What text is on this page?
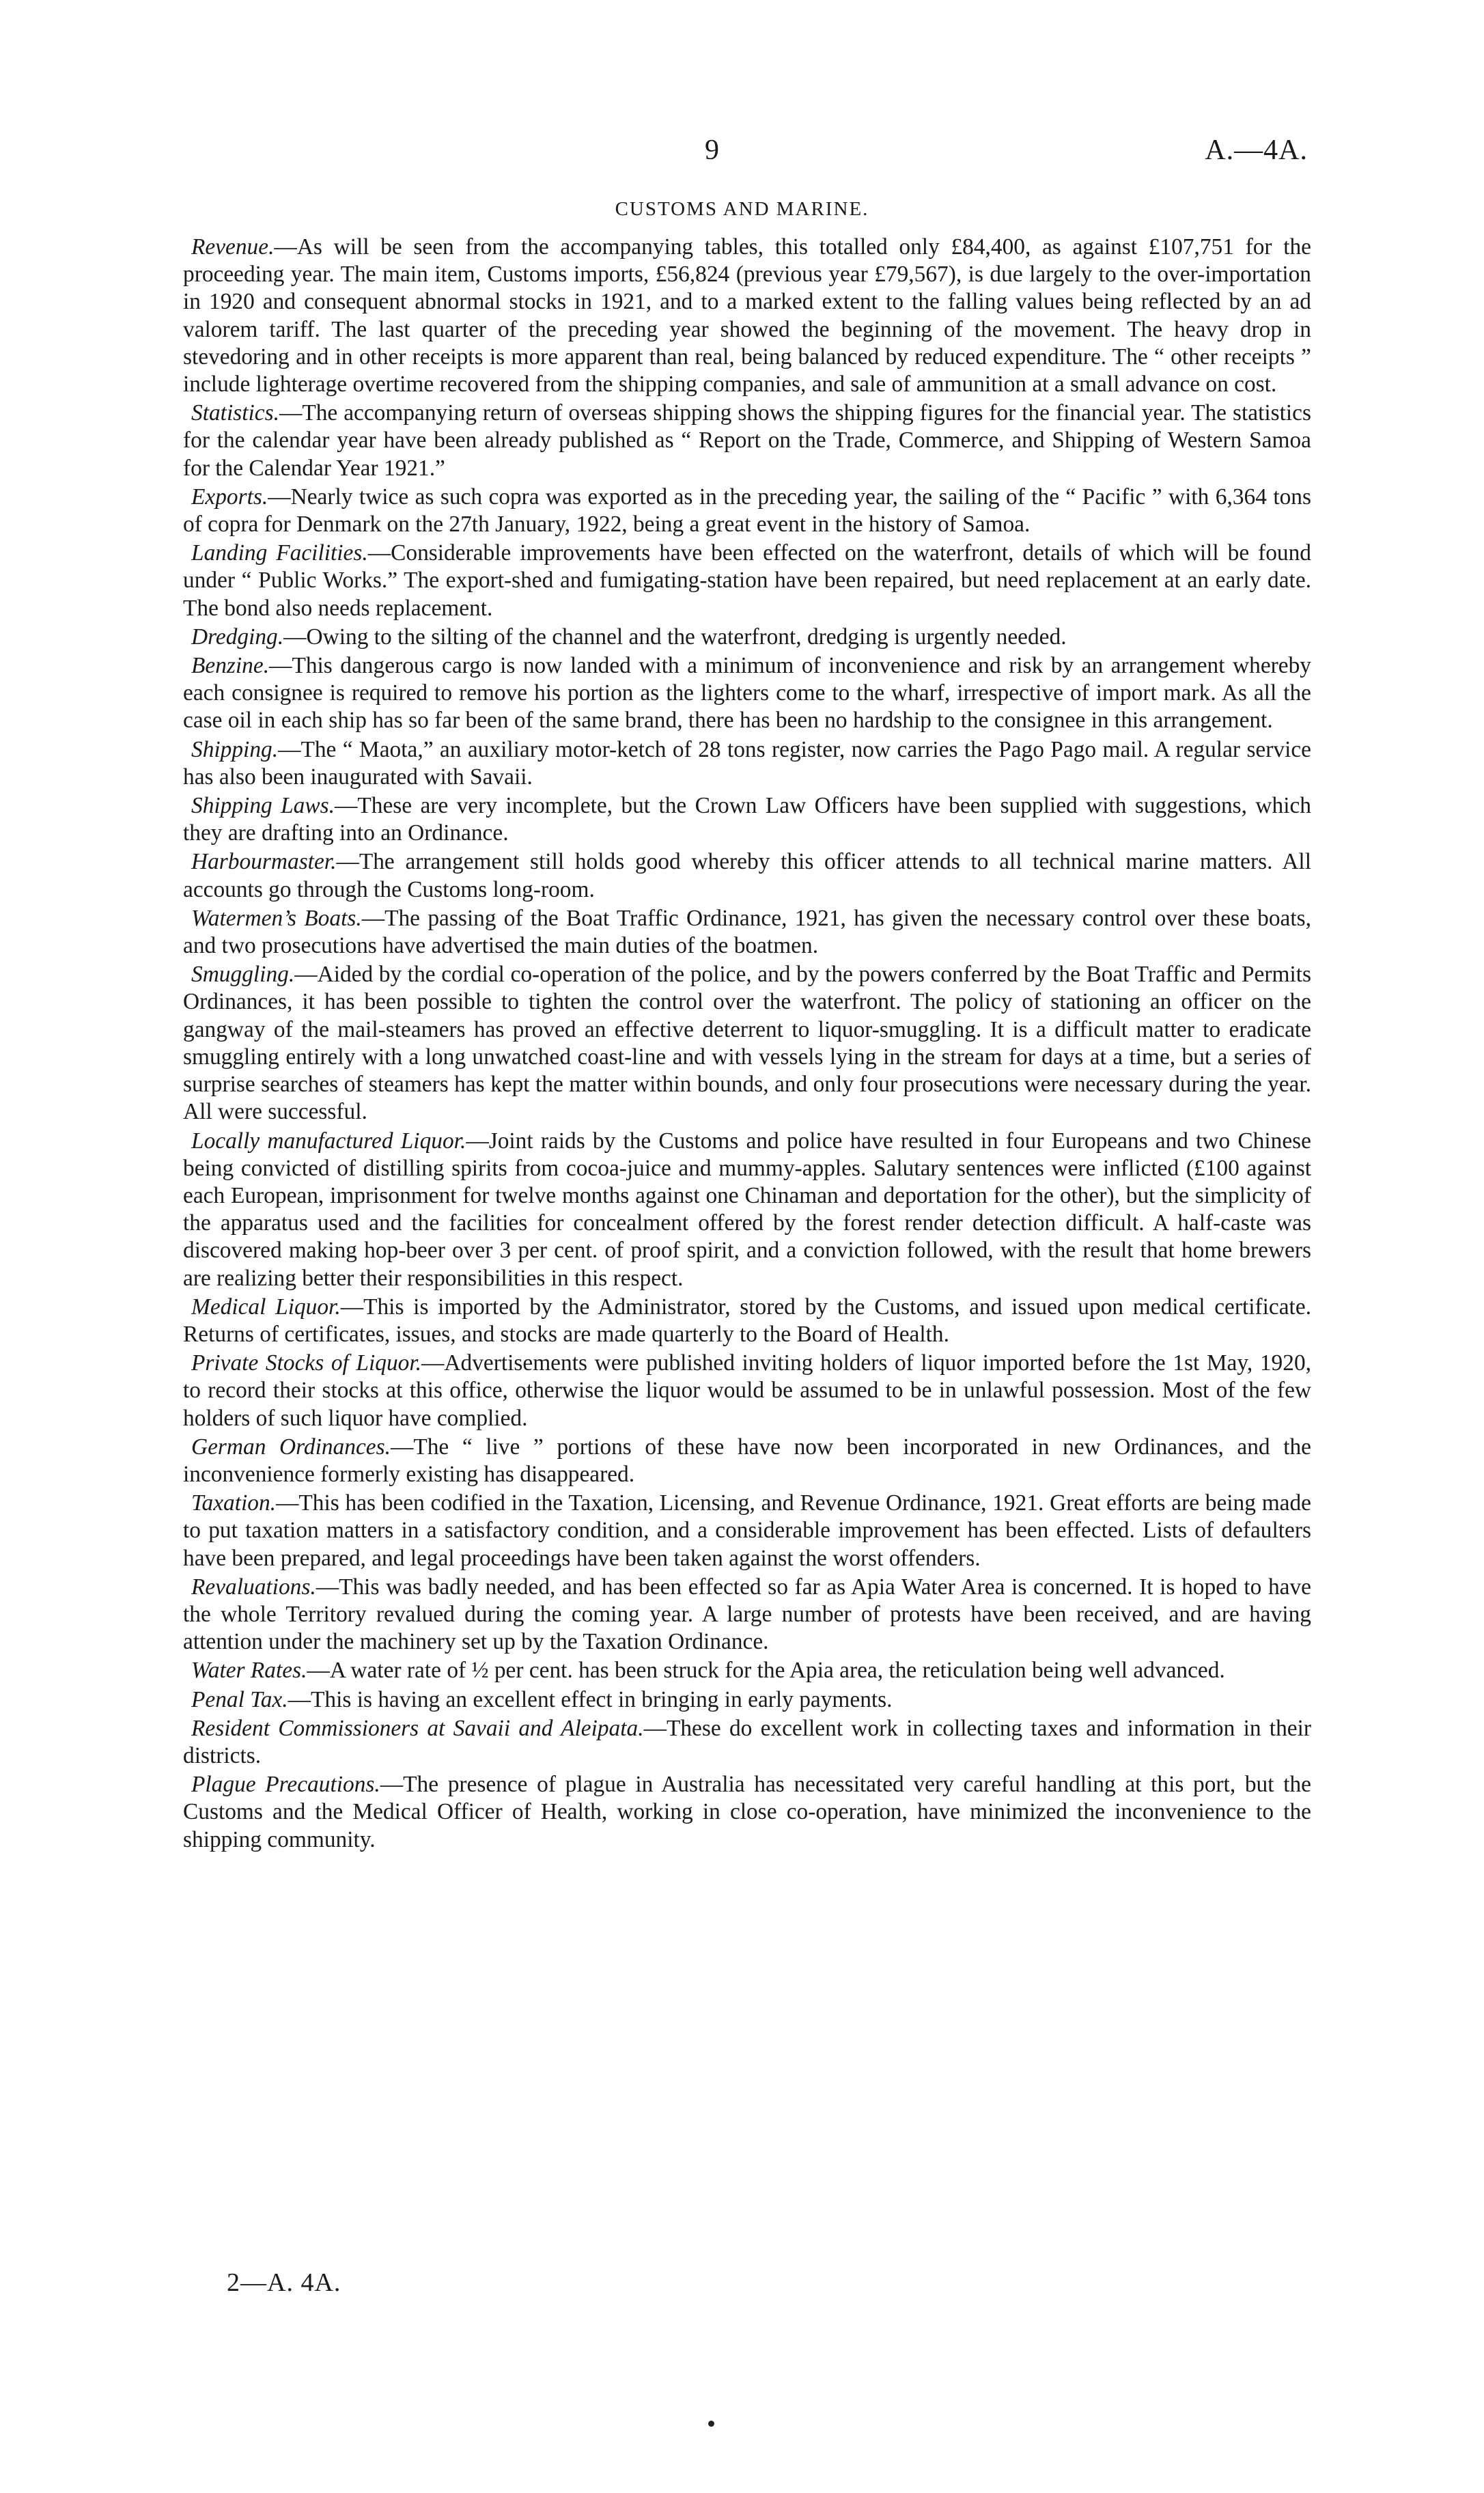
9	A.—4A.
CUSTOMS AND MARINE.

Revenue.—As will be seen from the accompanying tables, this totalled only £84,400, as against £107,751 for the proceeding year. The main item, Customs imports, £56,824 (previous year £79,567), is due largely to the over-importation in 1920 and consequent abnormal stocks in 1921, and to a marked extent to the falling values being reflected by an ad valorem tariff. The last quarter of the preceding year showed the beginning of the movement. The heavy drop in stevedoring and in other receipts is more apparent than real, being balanced by reduced expenditure. The “ other receipts ” include lighterage overtime recovered from the shipping companies, and sale of ammunition at a small advance on cost.

Statistics.—The accompanying return of overseas shipping shows the shipping figures for the financial year. The statistics for the calendar year have been already published as “ Report on the Trade, Commerce, and Shipping of Western Samoa for the Calendar Year 1921.”

Exports.—Nearly twice as such copra was exported as in the preceding year, the sailing of the “ Pacific ” with 6,364 tons of copra for Denmark on the 27th January, 1922, being a great event in the history of Samoa.

Landing Facilities.—Considerable improvements have been effected on the waterfront, details of which will be found under “ Public Works.” The export-shed and fumigating-station have been repaired, but need replacement at an early date. The bond also needs replacement.

Dredging.—Owing to the silting of the channel and the waterfront, dredging is urgently needed.

Benzine.—This dangerous cargo is now landed with a minimum of inconvenience and risk by an arrangement whereby each consignee is required to remove his portion as the lighters come to the wharf, irrespective of import mark. As all the case oil in each ship has so far been of the same brand, there has been no hardship to the consignee in this arrangement.

Shipping.—The “ Maota,” an auxiliary motor-ketch of 28 tons register, now carries the Pago Pago mail. A regular service has also been inaugurated with Savaii.

Shipping Laws.—These are very incomplete, but the Crown Law Officers have been supplied with suggestions, which they are drafting into an Ordinance.

Harbourmaster.—The arrangement still holds good whereby this officer attends to all technical marine matters. All accounts go through the Customs long-room.

Watermen’s Boats.—The passing of the Boat Traffic Ordinance, 1921, has given the necessary control over these boats, and two prosecutions have advertised the main duties of the boatmen.

Smuggling.—Aided by the cordial co-operation of the police, and by the powers conferred by the Boat Traffic and Permits Ordinances, it has been possible to tighten the control over the waterfront. The policy of stationing an officer on the gangway of the mail-steamers has proved an effective deterrent to liquor-smuggling. It is a difficult matter to eradicate smuggling entirely with a long unwatched coast-line and with vessels lying in the stream for days at a time, but a series of surprise searches of steamers has kept the matter within bounds, and only four prosecutions were necessary during the year. All were successful.

Locally manufactured Liquor.—Joint raids by the Customs and police have resulted in four Europeans and two Chinese being convicted of distilling spirits from cocoa-juice and mummy-apples. Salutary sentences were inflicted (£100 against each European, imprisonment for twelve months against one Chinaman and deportation for the other), but the simplicity of the apparatus used and the facilities for concealment offered by the forest render detection difficult. A half-caste was discovered making hop-beer over 3 per cent. of proof spirit, and a conviction followed, with the result that home brewers are realizing better their responsibilities in this respect.

Medical Liquor.—This is imported by the Administrator, stored by the Customs, and issued upon medical certificate. Returns of certificates, issues, and stocks are made quarterly to the Board of Health.

Private Stocks of Liquor.—Advertisements were published inviting holders of liquor imported before the 1st May, 1920, to record their stocks at this office, otherwise the liquor would be assumed to be in unlawful possession. Most of the few holders of such liquor have complied.

German Ordinances.—The “ live ” portions of these have now been incorporated in new Ordinances, and the inconvenience formerly existing has disappeared.

Taxation.—This has been codified in the Taxation, Licensing, and Revenue Ordinance, 1921. Great efforts are being made to put taxation matters in a satisfactory condition, and a considerable improvement has been effected. Lists of defaulters have been prepared, and legal proceedings have been taken against the worst offenders.

Revaluations.—This was badly needed, and has been effected so far as Apia Water Area is concerned. It is hoped to have the whole Territory revalued during the coming year. A large number of protests have been received, and are having attention under the machinery set up by the Taxation Ordinance.

Water Rates.—A water rate of ½ per cent. has been struck for the Apia area, the reticulation being well advanced.

Penal Tax.—This is having an excellent effect in bringing in early payments.

Resident Commissioners at Savaii and Aleipata.—These do excellent work in collecting taxes and information in their districts.

Plague Precautions.—The presence of plague in Australia has necessitated very careful handling at this port, but the Customs and the Medical Officer of Health, working in close co-operation, have minimized the inconvenience to the shipping community.

2—A. 4A.
